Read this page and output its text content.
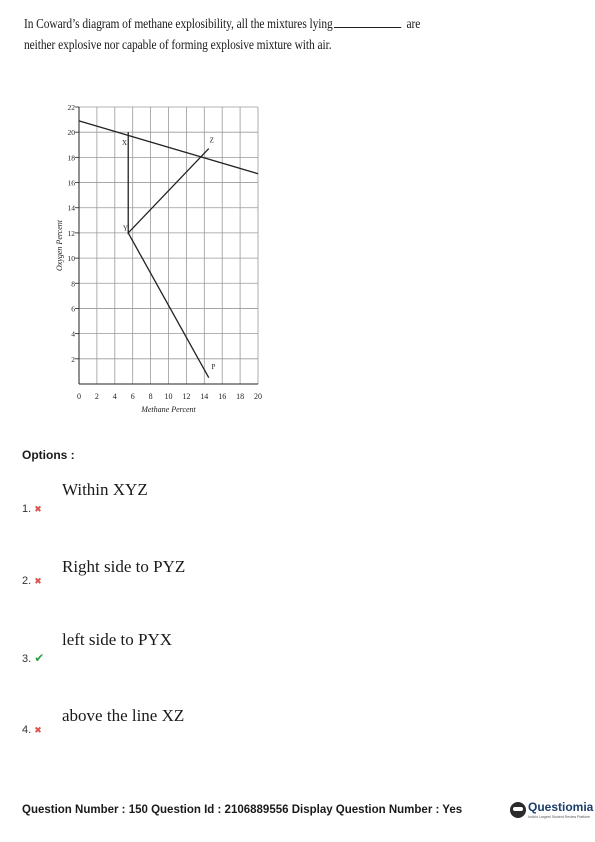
In Coward’s diagram of methane explosibility, all the mixtures lying	are
neither explosive nor capable of forming explosive mixture with air.
0 2 4 6 8 10 12 14 16 18 20
2
4
6
8
10
12
14
16
18
20
22
Methane Percent
Oxygen Percent
X
Y
Z
P
Options :
Within XYZ
1. ✖
Right side to PYZ
2. ✖
left side to PYX
3. ✔
above the line XZ
4. ✖
Question Number : 150 Question Id : 2106889556 Display Question Number : Yes	Questiomia
India's Largest Student Review Platform
